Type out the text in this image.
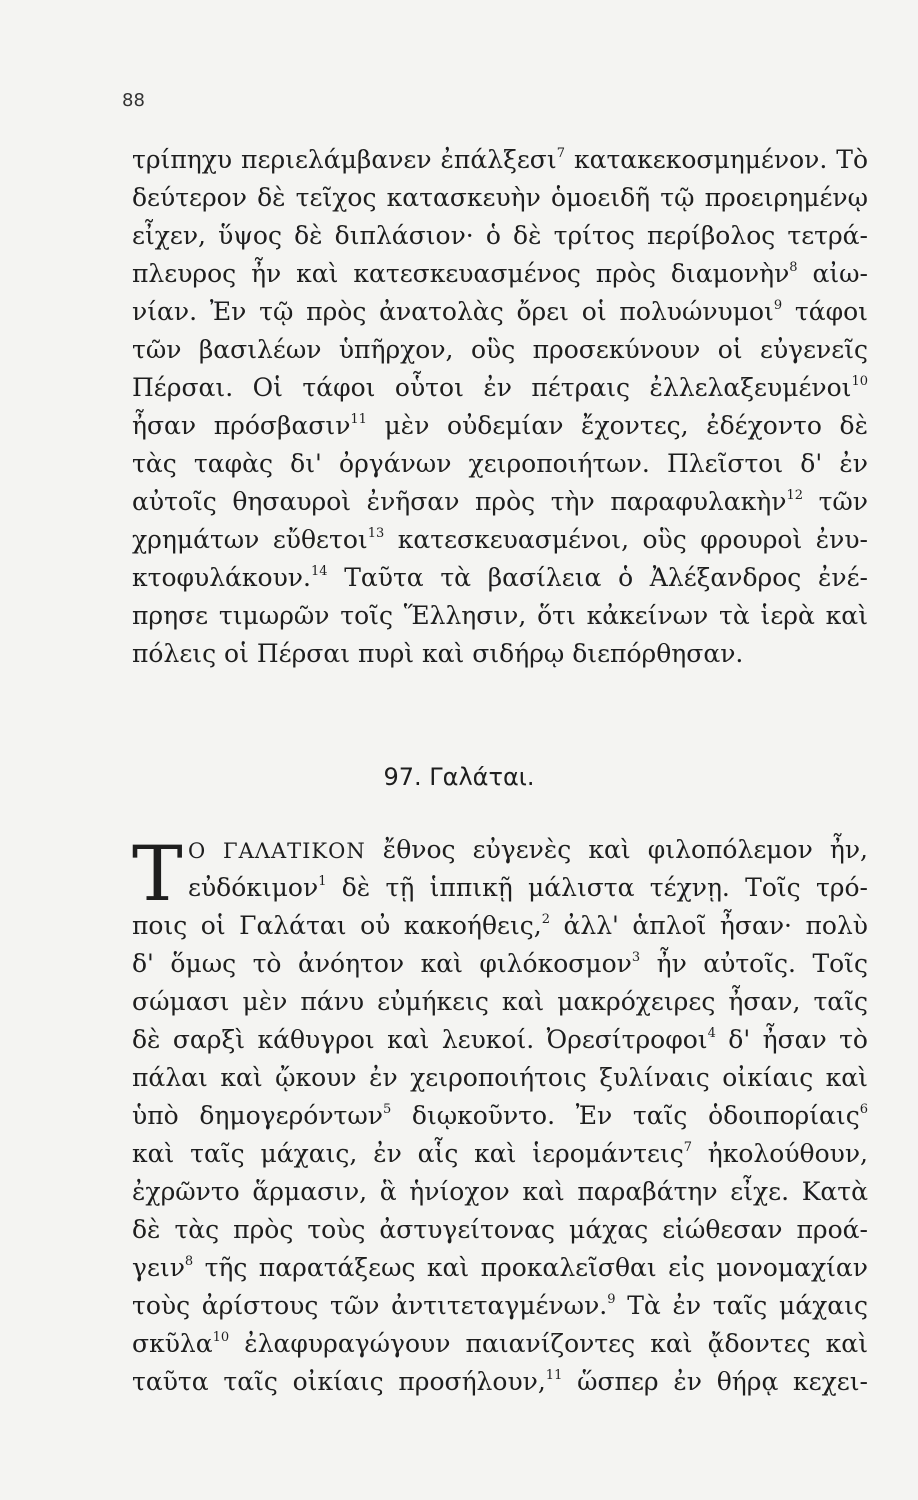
88
τρίπηχυ περιελάμβανεν ἐπάλξεσι$^7$ κατακεκοσμημένον. Τὸ
δεύτερον δὲ τεῖχος κατασκευὴν ὁμοειδῆ τῷ προειρημένῳ
εἶχεν, ὕψος δὲ διπλάσιον· ὁ δὲ τρίτος περίβολος τετρά-
πλευρος ἦν καὶ κατεσκευασμένος πρὸς διαμονὴν$^8$ αἰω-
νίαν. Ἐν τῷ πρὸς ἀνατολὰς ὄρει οἱ πολυώνυμοι$^9$ τάφοι
τῶν βασιλέων ὑπῆρχον, οὓς προσεκύνουν οἱ εὐγενεῖς
Πέρσαι. Οἱ τάφοι οὗτοι ἐν πέτραις ἐλλελαξευμένοι$^{10}$
ἦσαν πρόσβασιν$^{11}$ μὲν οὐδεμίαν ἔχοντες, ἐδέχοντο δὲ
τὰς ταφὰς δι' ὀργάνων χειροποιήτων. Πλεῖστοι δ' ἐν
αὐτοῖς θησαυροὶ ἐνῆσαν πρὸς τὴν παραφυλακὴν$^{12}$ τῶν
χρημάτων εὔθετοι$^{13}$ κατεσκευασμένοι, οὓς φρουροὶ ἐνυ-
κτοφυλάκουν.$^{14}$ Ταῦτα τὰ βασίλεια ὁ Ἀλέξανδρος ἐνέ-
πρησε τιμωρῶν τοῖς Ἕλλησιν, ὅτι κἀκείνων τὰ ἱερὰ καὶ
πόλεις οἱ Πέρσαι πυρὶ καὶ σιδήρῳ διεπόρθησαν.
97. Γαλάται.
Τ Ο ΓΑΛΑΤΙΚΟΝ ἔθνος εὐγενὲς καὶ φιλοπόλεμον ἦν,
εὐδόκιμον$^1$ δὲ τῇ ἱππικῇ μάλιστα τέχνῃ. Τοῖς τρό-
ποις οἱ Γαλάται οὐ κακοήθεις,$^2$ ἀλλ' ἁπλοῖ ἦσαν· πολὺ
δ' ὅμως τὸ ἀνόητον καὶ φιλόκοσμον$^3$ ἦν αὐτοῖς. Τοῖς
σώμασι μὲν πάνυ εὐμήκεις καὶ μακρόχειρες ἦσαν, ταῖς
δὲ σαρξὶ κάθυγροι καὶ λευκοί. Ὀρεσίτροφοι$^4$ δ' ἦσαν τὸ
πάλαι καὶ ᾤκουν ἐν χειροποιήτοις ξυλίναις οἰκίαις καὶ
ὑπὸ δημογερόντων$^5$ διῳκοῦντο. Ἐν ταῖς ὁδοιπορίαις$^6$
καὶ ταῖς μάχαις, ἐν αἷς καὶ ἱερομάντεις$^7$ ἠκολούθουν,
ἐχρῶντο ἅρμασιν, ἃ ἡνίοχον καὶ παραβάτην εἶχε. Κατὰ
δὲ τὰς πρὸς τοὺς ἀστυγείτονας μάχας εἰώθεσαν προά-
γειν$^8$ τῆς παρατάξεως καὶ προκαλεῖσθαι εἰς μονομαχίαν
τοὺς ἀρίστους τῶν ἀντιτεταγμένων.$^9$ Τὰ ἐν ταῖς μάχαις
σκῦλα$^{10}$ ἐλαφυραγώγουν παιανίζοντες καὶ ᾄδοντες καὶ
ταῦτα ταῖς οἰκίαις προσήλουν,$^{11}$ ὥσπερ ἐν θήρᾳ κεχει-
